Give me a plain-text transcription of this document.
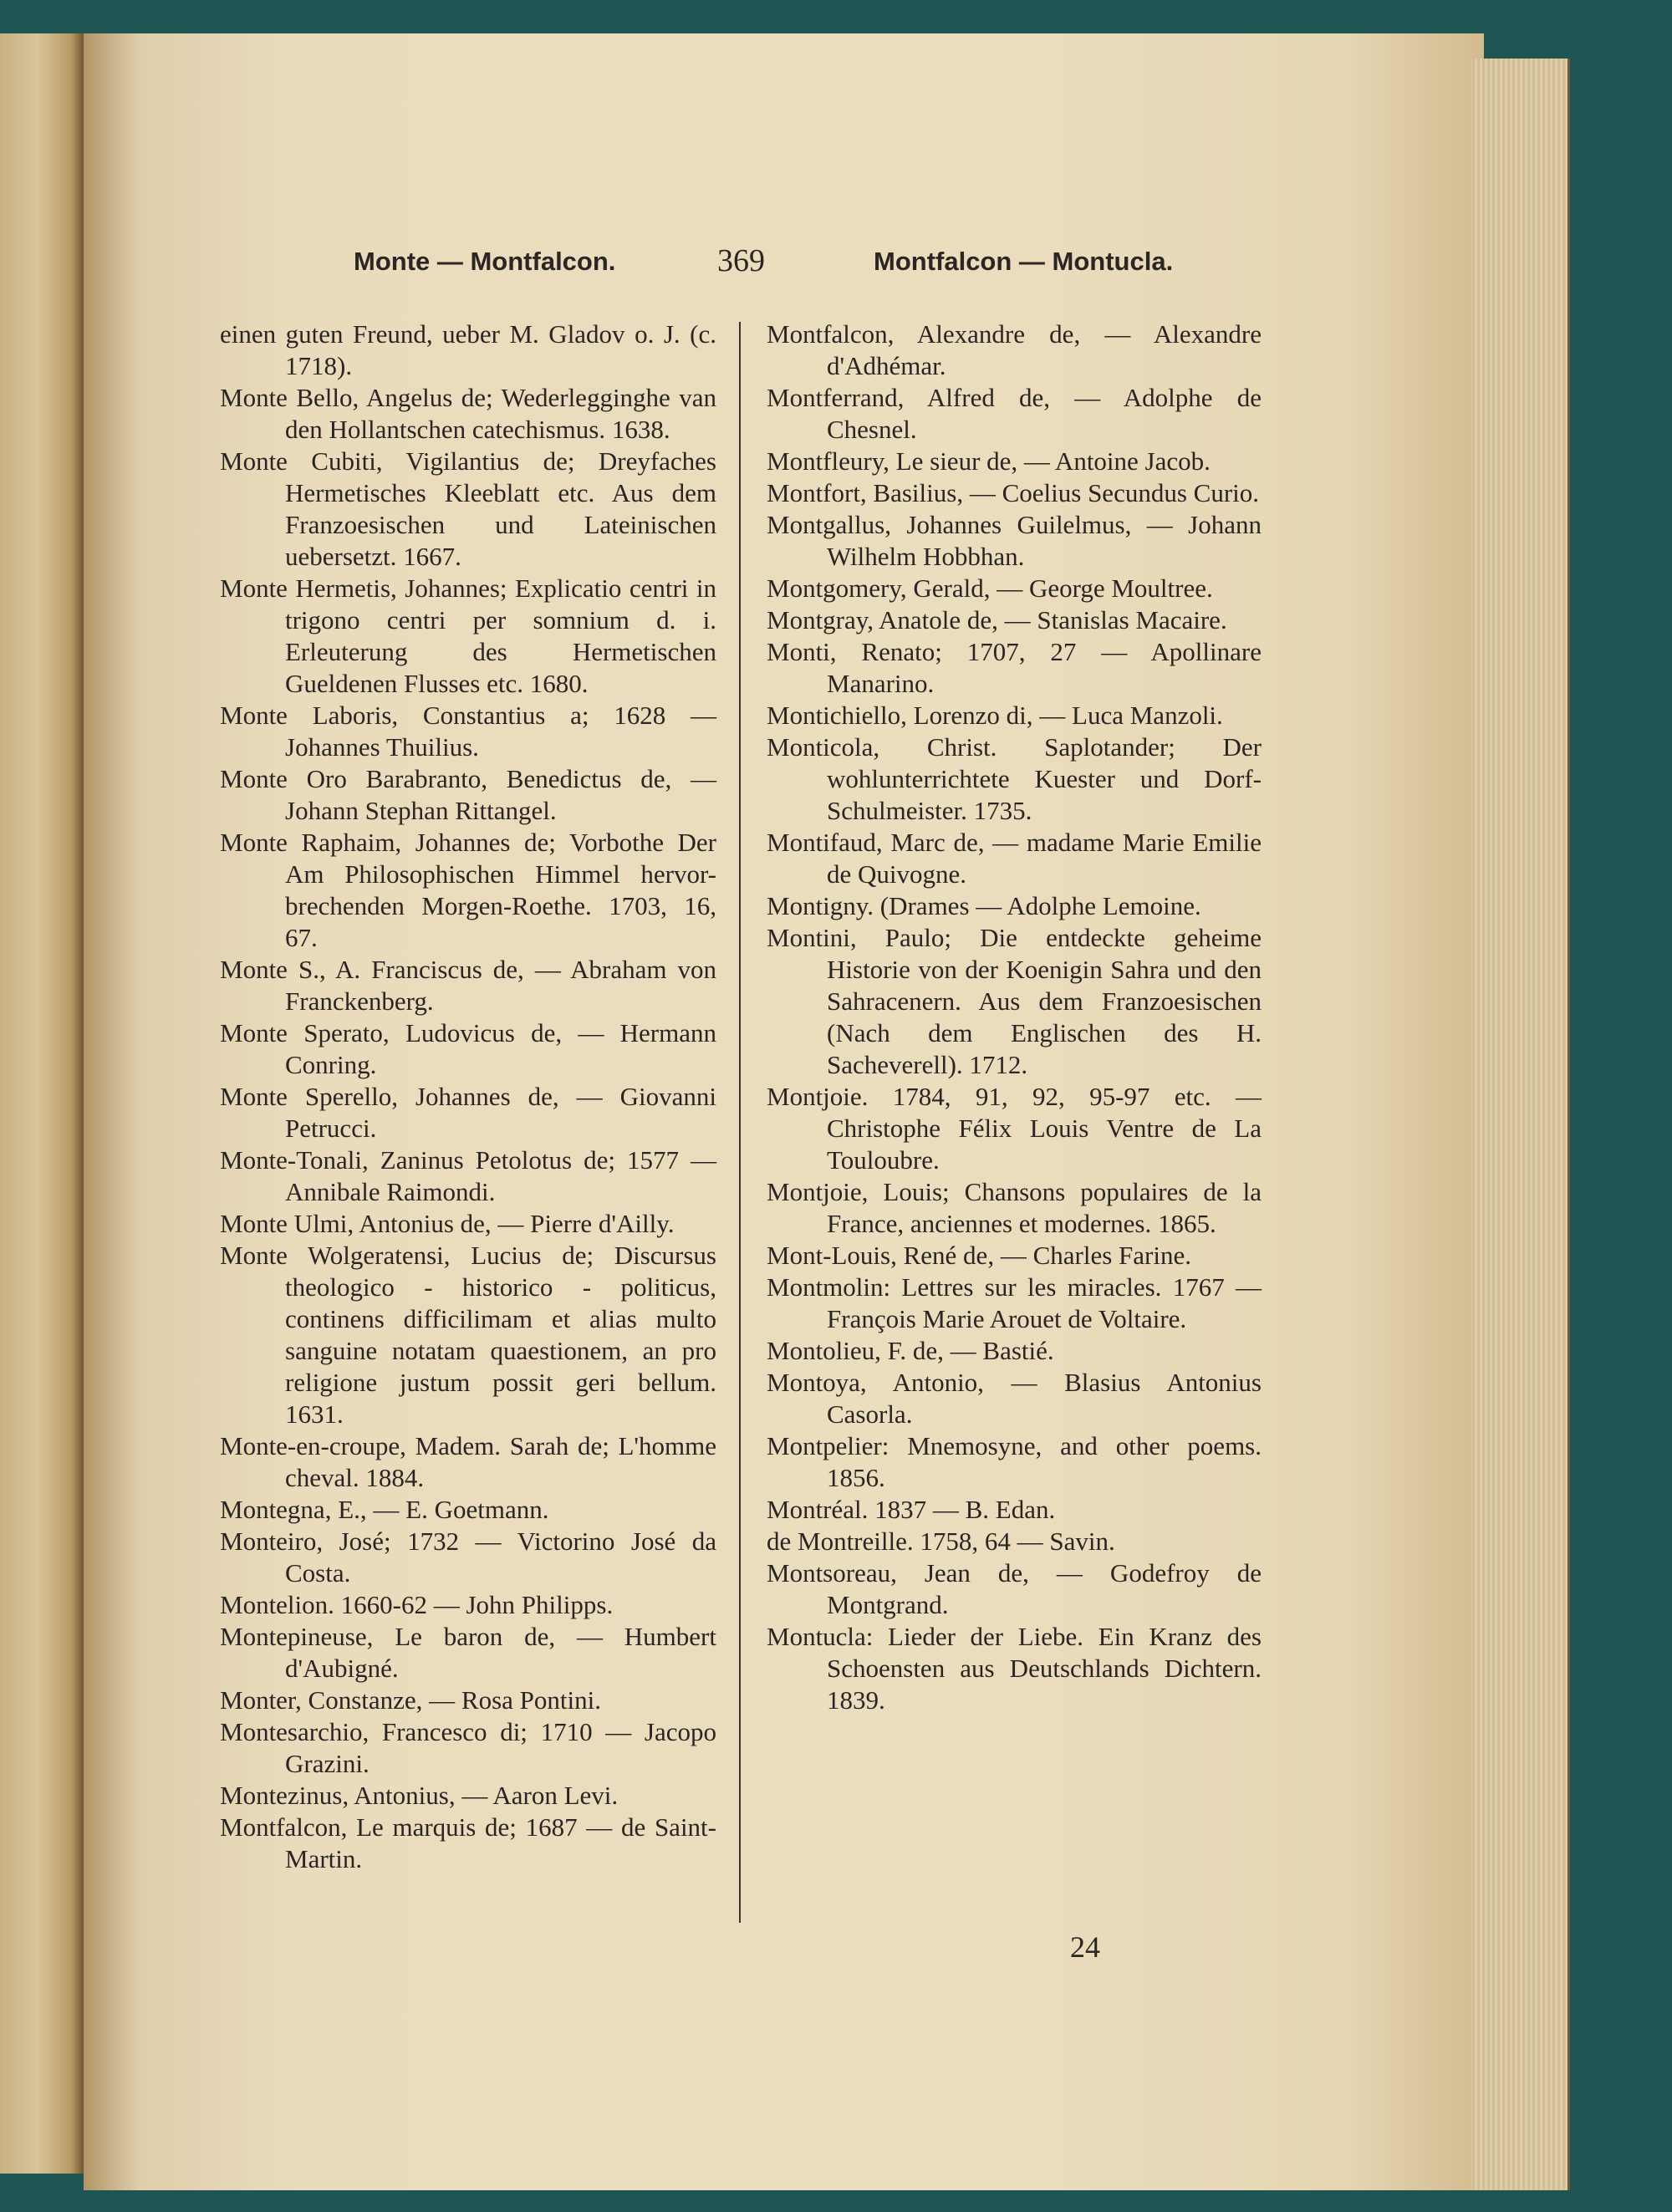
Monte — Montfalcon.	369	Montfalcon — Montucla.

einen guten Freund, ueber M. Gladov o. J. (c. 1718).

Monte Bello, Angelus de; Wederlegginghe van den Hollantschen catechismus. 1638.

Monte Cubiti, Vigilantius de; Dreyfaches Hermetisches Kleeblatt etc. Aus dem Franzoesischen und Lateinischen uebersetzt. 1667.

Monte Hermetis, Johannes; Explicatio centri in trigono centri per somnium d. i. Erleuterung des Hermetischen Gueldenen Flusses etc. 1680.

Monte Laboris, Constantius a; 1628 — Johannes Thuilius.

Monte Oro Barabranto, Benedictus de, — Johann Stephan Rittangel.

Monte Raphaim, Johannes de; Vorbothe Der Am Philosophischen Himmel hervor-brechenden Morgen-Roethe. 1703, 16, 67.

Monte S., A. Franciscus de, — Abraham von Franckenberg.

Monte Sperato, Ludovicus de, — Hermann Conring.

Monte Sperello, Johannes de, — Giovanni Petrucci.

Monte-Tonali, Zaninus Petolotus de; 1577 — Annibale Raimondi.

Monte Ulmi, Antonius de, — Pierre d'Ailly.

Monte Wolgeratensi, Lucius de; Discursus theologico - historico - politicus, continens difficilimam et alias multo sanguine notatam quaestionem, an pro religione justum possit geri bellum. 1631.

Monte-en-croupe, Madem. Sarah de; L'homme cheval. 1884.

Montegna, E., — E. Goetmann.

Monteiro, José; 1732 — Victorino José da Costa.

Montelion. 1660-62 — John Philipps.

Montepineuse, Le baron de, — Humbert d'Aubigné.

Monter, Constanze, — Rosa Pontini.

Montesarchio, Francesco di; 1710 — Jacopo Grazini.

Montezinus, Antonius, — Aaron Levi.

Montfalcon, Le marquis de; 1687 — de Saint-Martin.

Montfalcon, Alexandre de, — Alexandre d'Adhémar.

Montferrand, Alfred de, — Adolphe de Chesnel.

Montfleury, Le sieur de, — Antoine Jacob.

Montfort, Basilius, — Coelius Secundus Curio.

Montgallus, Johannes Guilelmus, — Johann Wilhelm Hobbhan.

Montgomery, Gerald, — George Moultree.

Montgray, Anatole de, — Stanislas Macaire.

Monti, Renato; 1707, 27 — Apollinare Manarino.

Montichiello, Lorenzo di, — Luca Manzoli.

Monticola, Christ. Saplotander; Der wohlunterrichtete Kuester und Dorf-Schulmeister. 1735.

Montifaud, Marc de, — madame Marie Emilie de Quivogne.

Montigny. (Drames — Adolphe Lemoine.

Montini, Paulo; Die entdeckte geheime Historie von der Koenigin Sahra und den Sahracenern. Aus dem Franzoesischen (Nach dem Englischen des H. Sacheverell). 1712.

Montjoie. 1784, 91, 92, 95-97 etc. — Christophe Félix Louis Ventre de La Touloubre.

Montjoie, Louis; Chansons populaires de la France, anciennes et modernes. 1865.

Mont-Louis, René de, — Charles Farine.

Montmolin: Lettres sur les miracles. 1767 — François Marie Arouet de Voltaire.

Montolieu, F. de, — Bastié.

Montoya, Antonio, — Blasius Antonius Casorla.

Montpelier: Mnemosyne, and other poems. 1856.

Montréal. 1837 — B. Edan.

de Montreille. 1758, 64 — Savin.

Montsoreau, Jean de, — Godefroy de Montgrand.

Montucla: Lieder der Liebe. Ein Kranz des Schoensten aus Deutschlands Dichtern. 1839.

24
